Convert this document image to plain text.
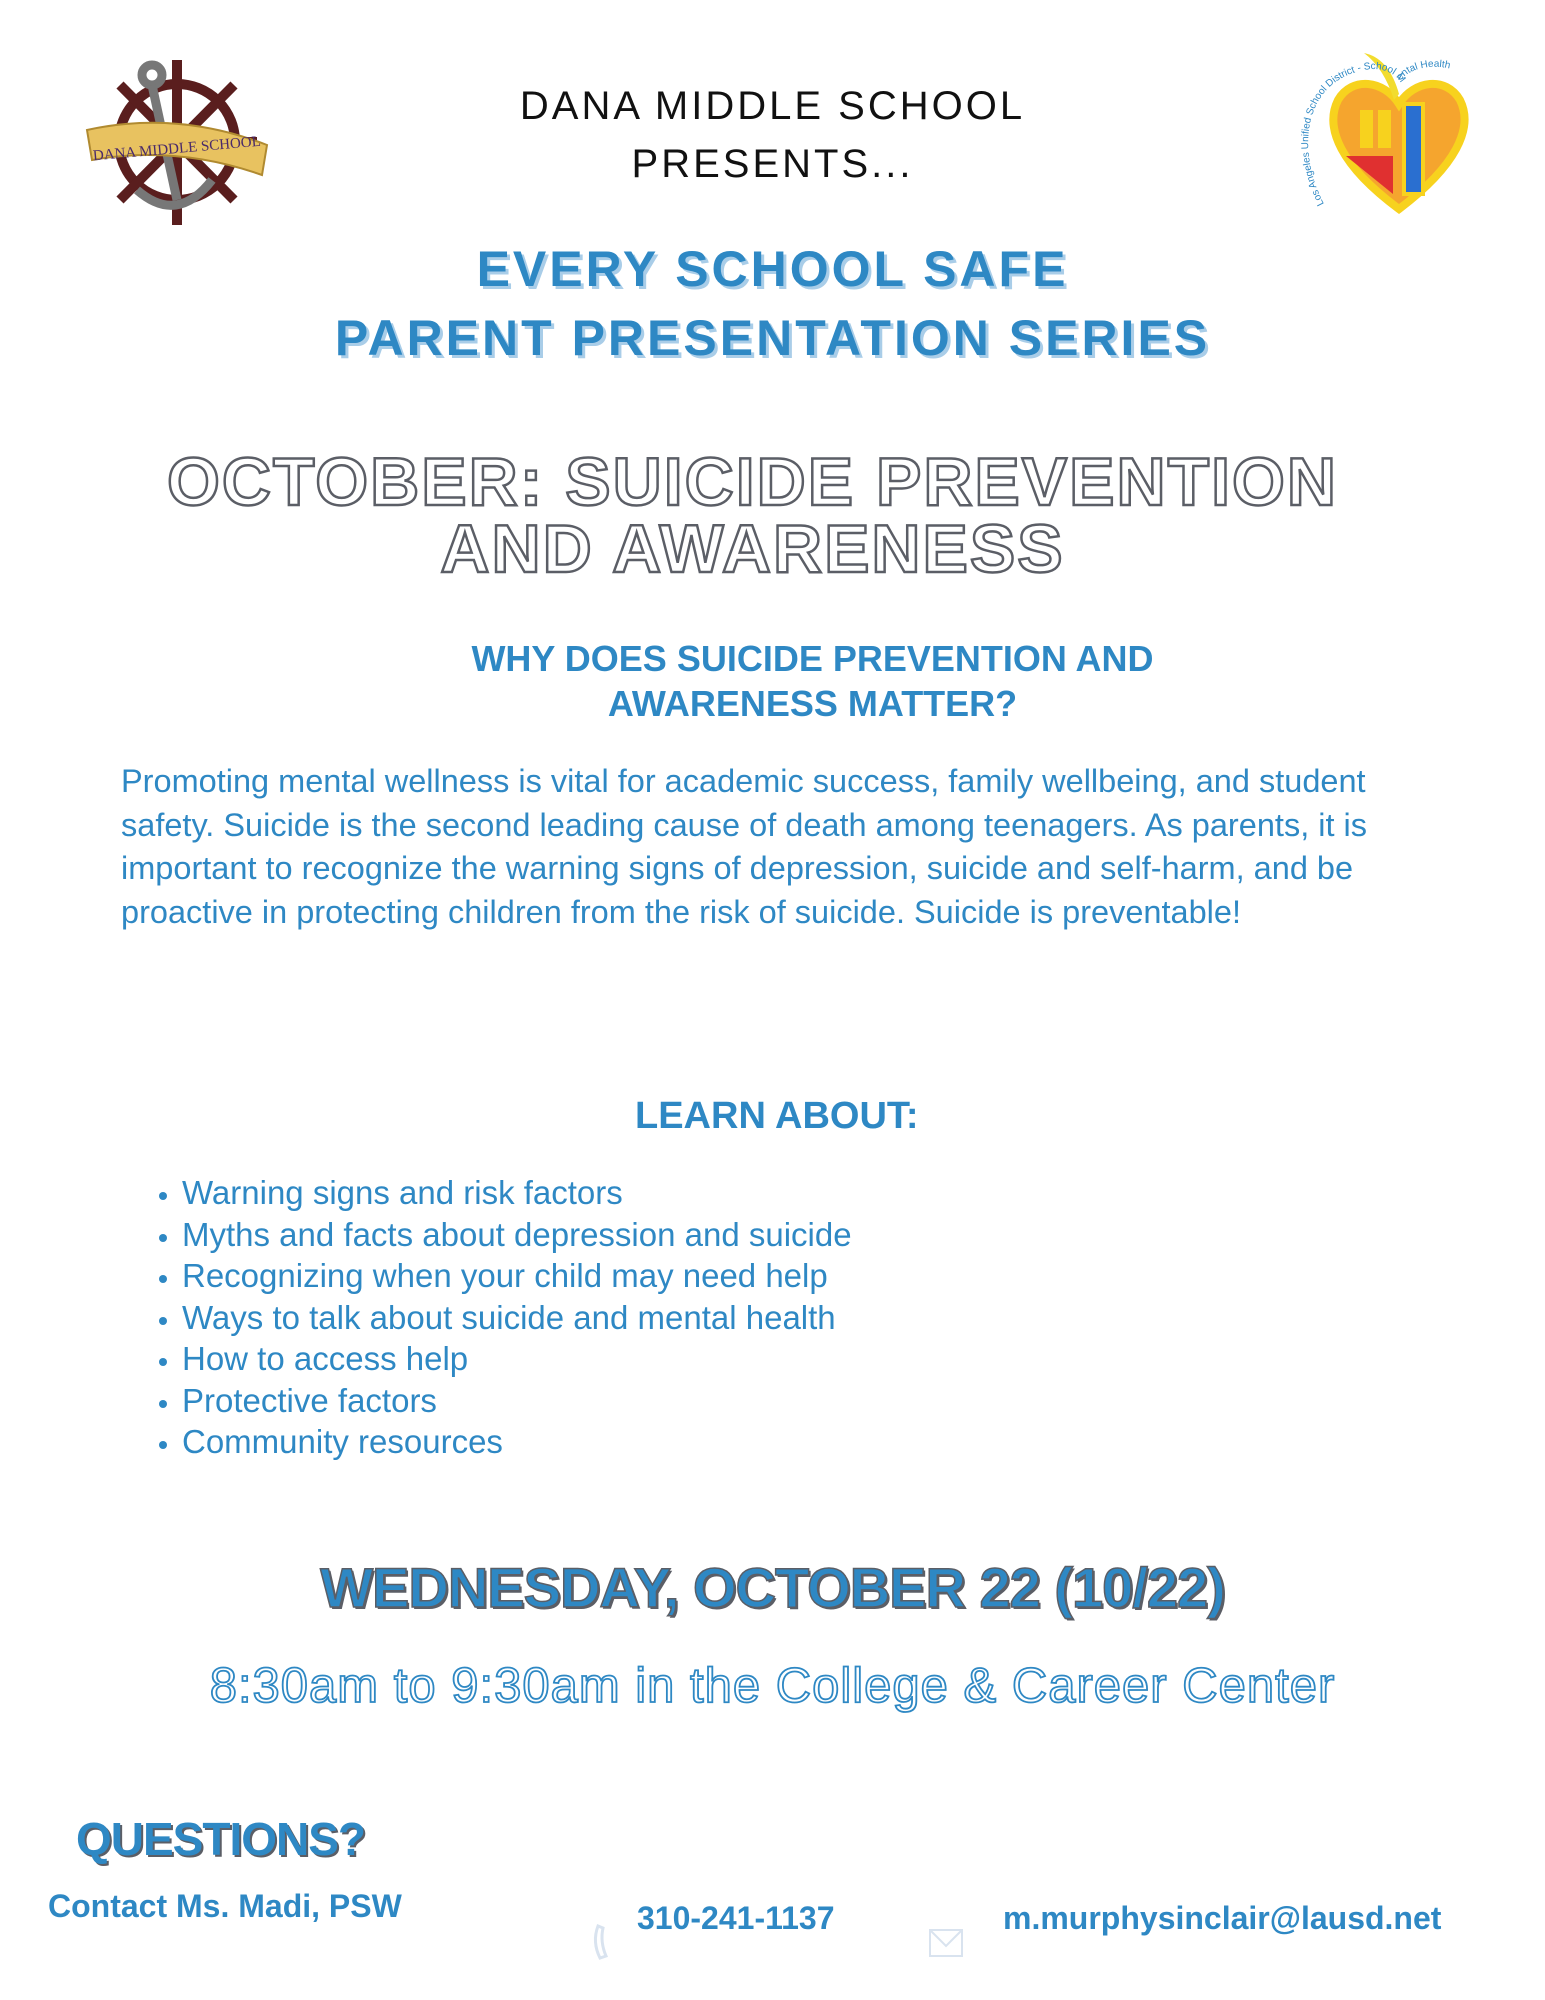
DANA MIDDLE SCHOOL
Los Angeles Unified School District - School Mental Health
DANA MIDDLE SCHOOL
PRESENTS...
EVERY SCHOOL SAFE
PARENT PRESENTATION SERIES
OCTOBER: SUICIDE PREVENTION
AND AWARENESS
WHY DOES SUICIDE PREVENTION AND
AWARENESS MATTER?
Promoting mental wellness is vital for academic success, family wellbeing, and student safety. Suicide is the second leading cause of death among teenagers. As parents, it is important to recognize the warning signs of depression, suicide and self-harm, and be proactive in protecting children from the risk of suicide. Suicide is preventable!
LEARN ABOUT:
• Warning signs and risk factors
• Myths and facts about depression and suicide
• Recognizing when your child may need help
• Ways to talk about suicide and mental health
• How to access help
• Protective factors
• Community resources
WEDNESDAY, OCTOBER 22 (10/22)
8:30am to 9:30am in the College & Career Center
QUESTIONS?
Contact Ms. Madi, PSW	310-241-1137	m.murphysinclair@lausd.net
